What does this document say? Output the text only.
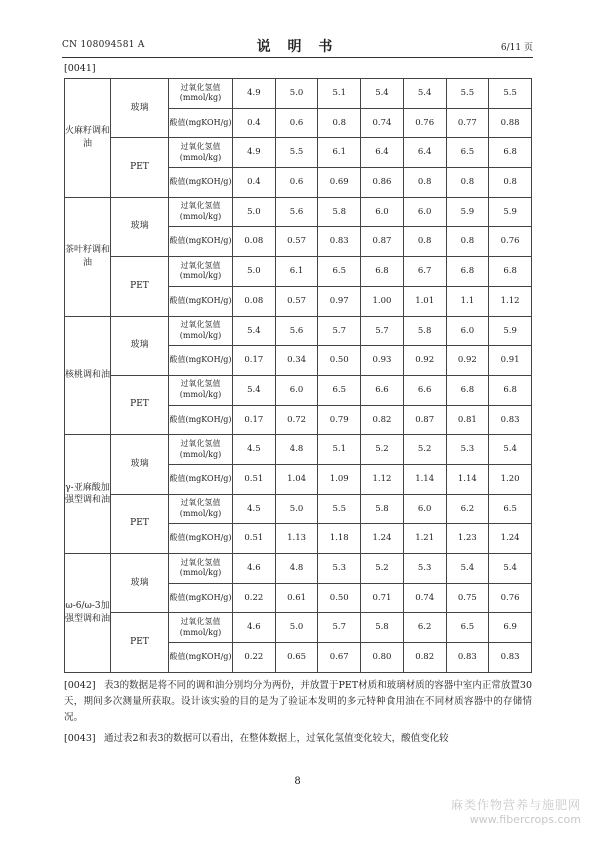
CN 108094581 A	说 明 书	6/11 页
[0041]
火麻籽调和油	玻璃	过氧化氢值(mmol/kg)	4.9	5.0	5.1	5.4	5.4	5.5	5.5
		酸值(mgKOH/g)	0.4	0.6	0.8	0.74	0.76	0.77	0.88
	PET	过氧化氢值(mmol/kg)	4.9	5.5	6.1	6.4	6.4	6.5	6.8
		酸值(mgKOH/g)	0.4	0.6	0.69	0.86	0.8	0.8	0.8
茶叶籽调和油	玻璃	过氧化氢值(mmol/kg)	5.0	5.6	5.8	6.0	6.0	5.9	5.9
		酸值(mgKOH/g)	0.08	0.57	0.83	0.87	0.8	0.8	0.76
	PET	过氧化氢值(mmol/kg)	5.0	6.1	6.5	6.8	6.7	6.8	6.8
		酸值(mgKOH/g)	0.08	0.57	0.97	1.00	1.01	1.1	1.12
核桃调和油	玻璃	过氧化氢值(mmol/kg)	5.4	5.6	5.7	5.7	5.8	6.0	5.9
		酸值(mgKOH/g)	0.17	0.34	0.50	0.93	0.92	0.92	0.91
	PET	过氧化氢值(mmol/kg)	5.4	6.0	6.5	6.6	6.6	6.8	6.8
		酸值(mgKOH/g)	0.17	0.72	0.79	0.82	0.87	0.81	0.83
γ-亚麻酸加强型调和油	玻璃	过氧化氢值(mmol/kg)	4.5	4.8	5.1	5.2	5.2	5.3	5.4
		酸值(mgKOH/g)	0.51	1.04	1.09	1.12	1.14	1.14	1.20
	PET	过氧化氢值(mmol/kg)	4.5	5.0	5.5	5.8	6.0	6.2	6.5
		酸值(mgKOH/g)	0.51	1.13	1.18	1.24	1.21	1.23	1.24
ω-6/ω-3加强型调和油	玻璃	过氧化氢值(mmol/kg)	4.6	4.8	5.3	5.2	5.3	5.4	5.4
		酸值(mgKOH/g)	0.22	0.61	0.50	0.71	0.74	0.75	0.76
	PET	过氧化氢值(mmol/kg)	4.6	5.0	5.7	5.8	6.2	6.5	6.9
		酸值(mgKOH/g)	0.22	0.65	0.67	0.80	0.82	0.83	0.83
[0042] 表3的数据是将不同的调和油分别均分为两份，并放置于PET材质和玻璃材质的容器中室内正常放置30天，期间多次测量所获取。设计该实验的目的是为了验证本发明的多元特种食用油在不同材质容器中的存储情况。
[0043] 通过表2和表3的数据可以看出，在整体数据上，过氧化氢值变化较大，酸值变化较
8
麻类作物营养与施肥网
www.fibercrops.com
